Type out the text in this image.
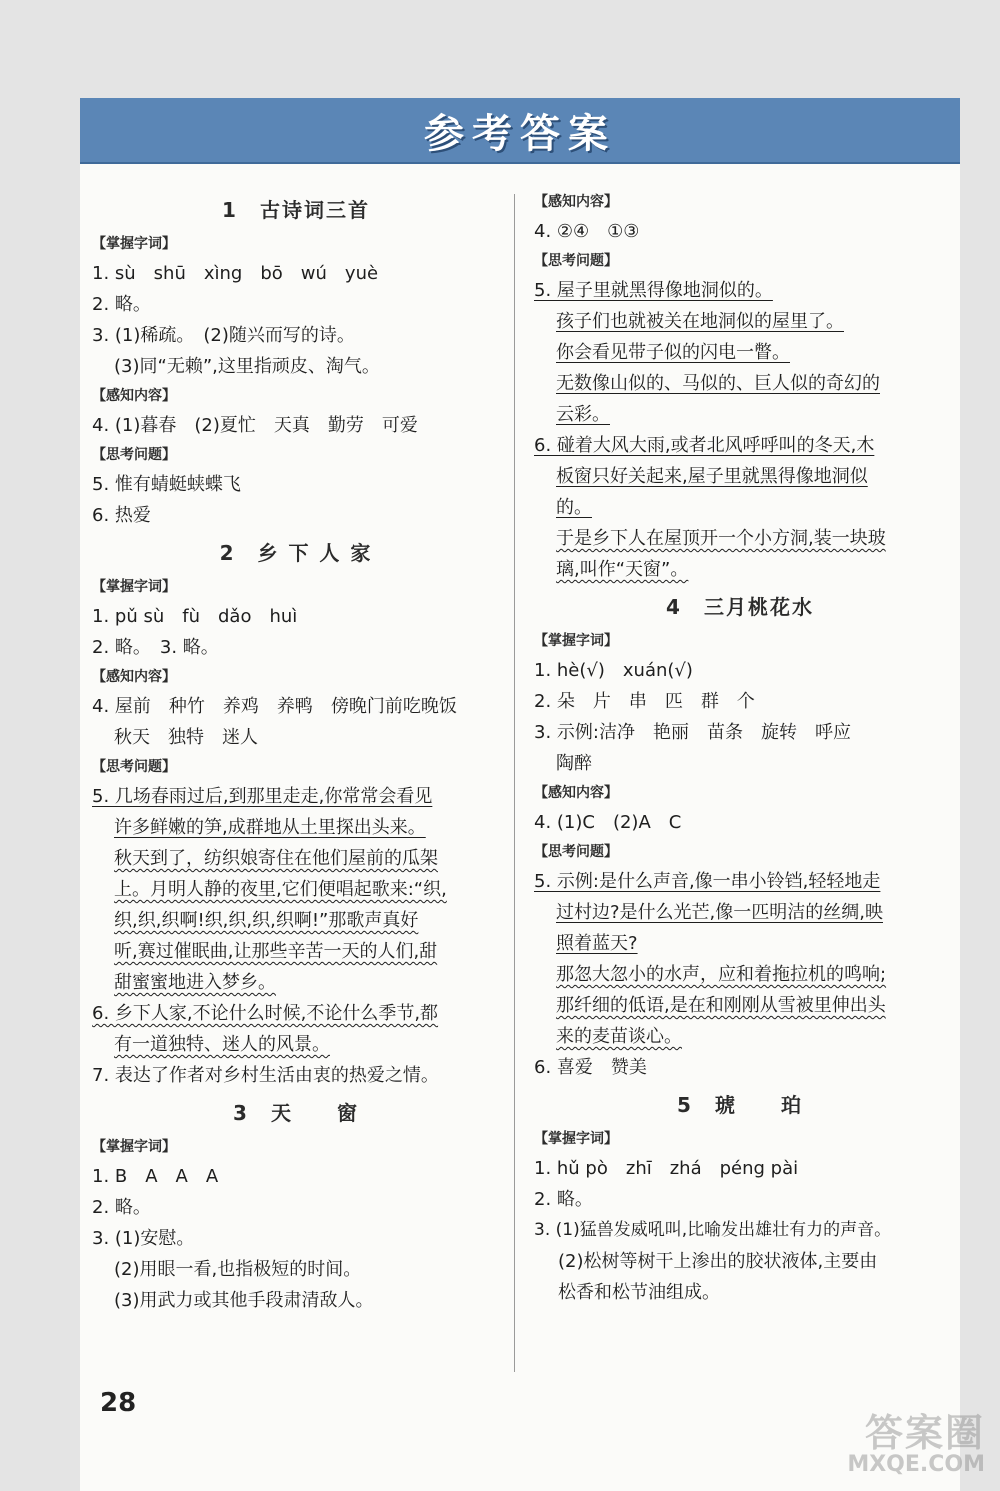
参考答案
1　古诗词三首
【掌握字词】
1. sù　shū　xìng　bō　wú　yuè
2. 略。
3. (1)稀疏。　(2)随兴而写的诗。
(3)同“无赖”,这里指顽皮、淘气。
【感知内容】
4. (1)暮春　(2)夏忙　天真　勤劳　可爱
【思考问题】
5. 惟有蜻蜓蛱蝶飞
6. 热爱
2　乡 下 人 家
【掌握字词】
1. pǔ sù　fù　dǎo　huì
2. 略。　3. 略。
【感知内容】
4. 屋前　种竹　养鸡　养鸭　傍晚门前吃晚饭
秋天　独特　迷人
【思考问题】
5. 几场春雨过后,到那里走走,你常常会看见
许多鲜嫩的笋,成群地从土里探出头来。
秋天到了，纺织娘寄住在他们屋前的瓜架
上。月明人静的夜里,它们便唱起歌来:“织,
织,织,织啊!织,织,织,织啊!”那歌声真好
听,赛过催眠曲,让那些辛苦一天的人们,甜
甜蜜蜜地进入梦乡。
6. 乡下人家,不论什么时候,不论什么季节,都
有一道独特、迷人的风景。
7. 表达了作者对乡村生活由衷的热爱之情。
3　天　　窗
【掌握字词】
1. B　A　A　A
2. 略。
3. (1)安慰。
(2)用眼一看,也指极短的时间。
(3)用武力或其他手段肃清敌人。
【感知内容】
4. ②④　①③
【思考问题】
5. 屋子里就黑得像地洞似的。
孩子们也就被关在地洞似的屋里了。
你会看见带子似的闪电一瞥。
无数像山似的、马似的、巨人似的奇幻的
云彩。
6. 碰着大风大雨,或者北风呼呼叫的冬天,木
板窗只好关起来,屋子里就黑得像地洞似
的。
于是乡下人在屋顶开一个小方洞,装一块玻
璃,叫作“天窗”。
4　三月桃花水
【掌握字词】
1. hè(√)　xuán(√)
2. 朵　片　串　匹　群　个
3. 示例:洁净　艳丽　苗条　旋转　呼应
陶醉
【感知内容】
4. (1)C　(2)A　C
【思考问题】
5. 示例:是什么声音,像一串小铃铛,轻轻地走
过村边?是什么光芒,像一匹明洁的丝绸,映
照着蓝天?
那忽大忽小的水声，应和着拖拉机的鸣响;
那纤细的低语,是在和刚刚从雪被里伸出头
来的麦苗谈心。
6. 喜爱　赞美
5　琥　　珀
【掌握字词】
1. hǔ pò　zhī　zhá　péng pài
2. 略。
3. (1)猛兽发威吼叫,比喻发出雄壮有力的声音。
(2)松树等树干上渗出的胶状液体,主要由
松香和松节油组成。
28
答案圈
MXQE.COM
